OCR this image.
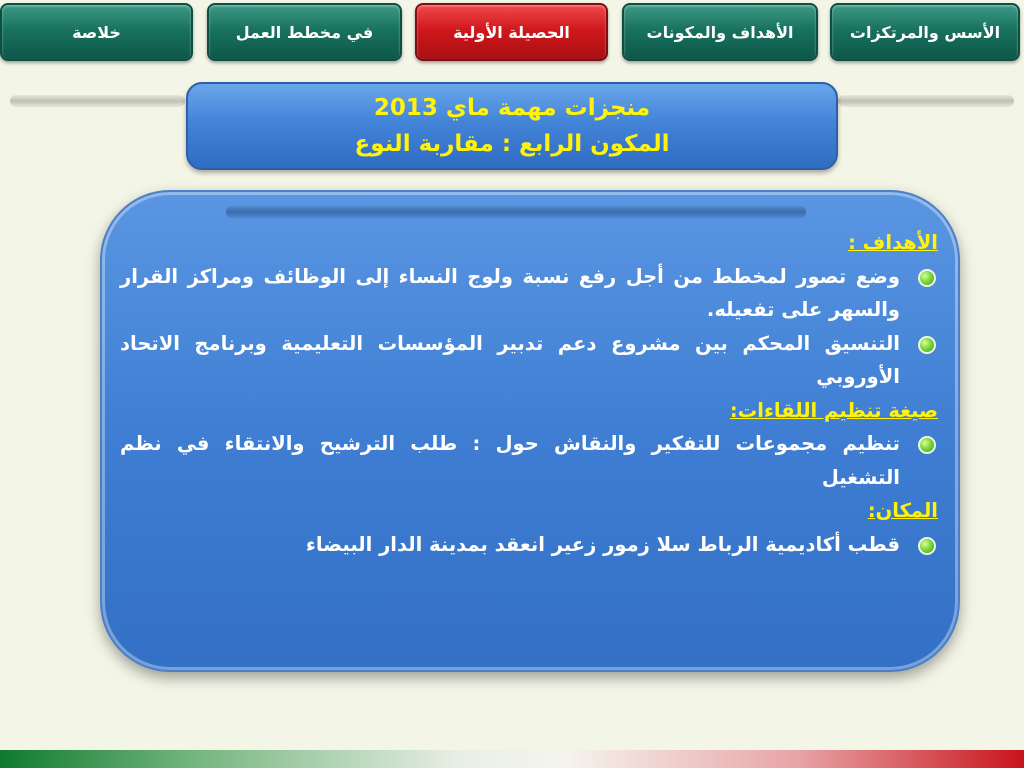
الأسس والمرتكزات
الأهداف والمكونات
الحصيلة الأولية
في مخطط العمل
خلاصة
منجزات مهمة ماي 2013
المكون الرابع : مقاربة النوع

الأهداف :

وضع تصور لمخطط من أجل رفع نسبة ولوج النساء إلى الوظائف ومراكز القرار والسهر على تفعيله.

التنسيق المحكم بين مشروع دعم تدبير المؤسسات التعليمية وبرنامج الاتحاد الأوروبي

صيغة تنظيم اللقاءات:

تنظيم مجموعات للتفكير والنقاش حول : طلب الترشيح والانتقاء في نظم التشغيل

المكان:

قطب أكاديمية الرباط سلا زمور زعير انعقد بمدينة الدار البيضاء
